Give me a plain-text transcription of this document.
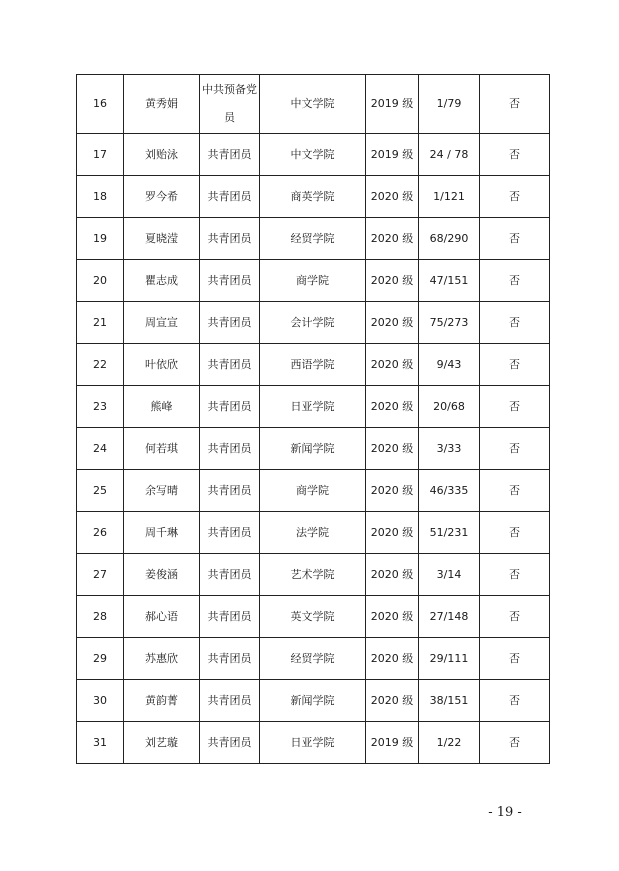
16	黄秀娟	中共预备党员	中文学院	2019 级	1/79	否
17	刘贻泳	共青团员	中文学院	2019 级	24 / 78	否
18	罗今希	共青团员	商英学院	2020 级	1/121	否
19	夏晓滢	共青团员	经贸学院	2020 级	68/290	否
20	瞿志成	共青团员	商学院	2020 级	47/151	否
21	周宣宣	共青团员	会计学院	2020 级	75/273	否
22	叶依欣	共青团员	西语学院	2020 级	9/43	否
23	熊峰	共青团员	日亚学院	2020 级	20/68	否
24	何若琪	共青团员	新闻学院	2020 级	3/33	否
25	余写晴	共青团员	商学院	2020 级	46/335	否
26	周千琳	共青团员	法学院	2020 级	51/231	否
27	姜俊涵	共青团员	艺术学院	2020 级	3/14	否
28	郝心语	共青团员	英文学院	2020 级	27/148	否
29	苏惠欣	共青团员	经贸学院	2020 级	29/111	否
30	黄韵菁	共青团员	新闻学院	2020 级	38/151	否
31	刘艺璇	共青团员	日亚学院	2019 级	1/22	否
- 19 -
